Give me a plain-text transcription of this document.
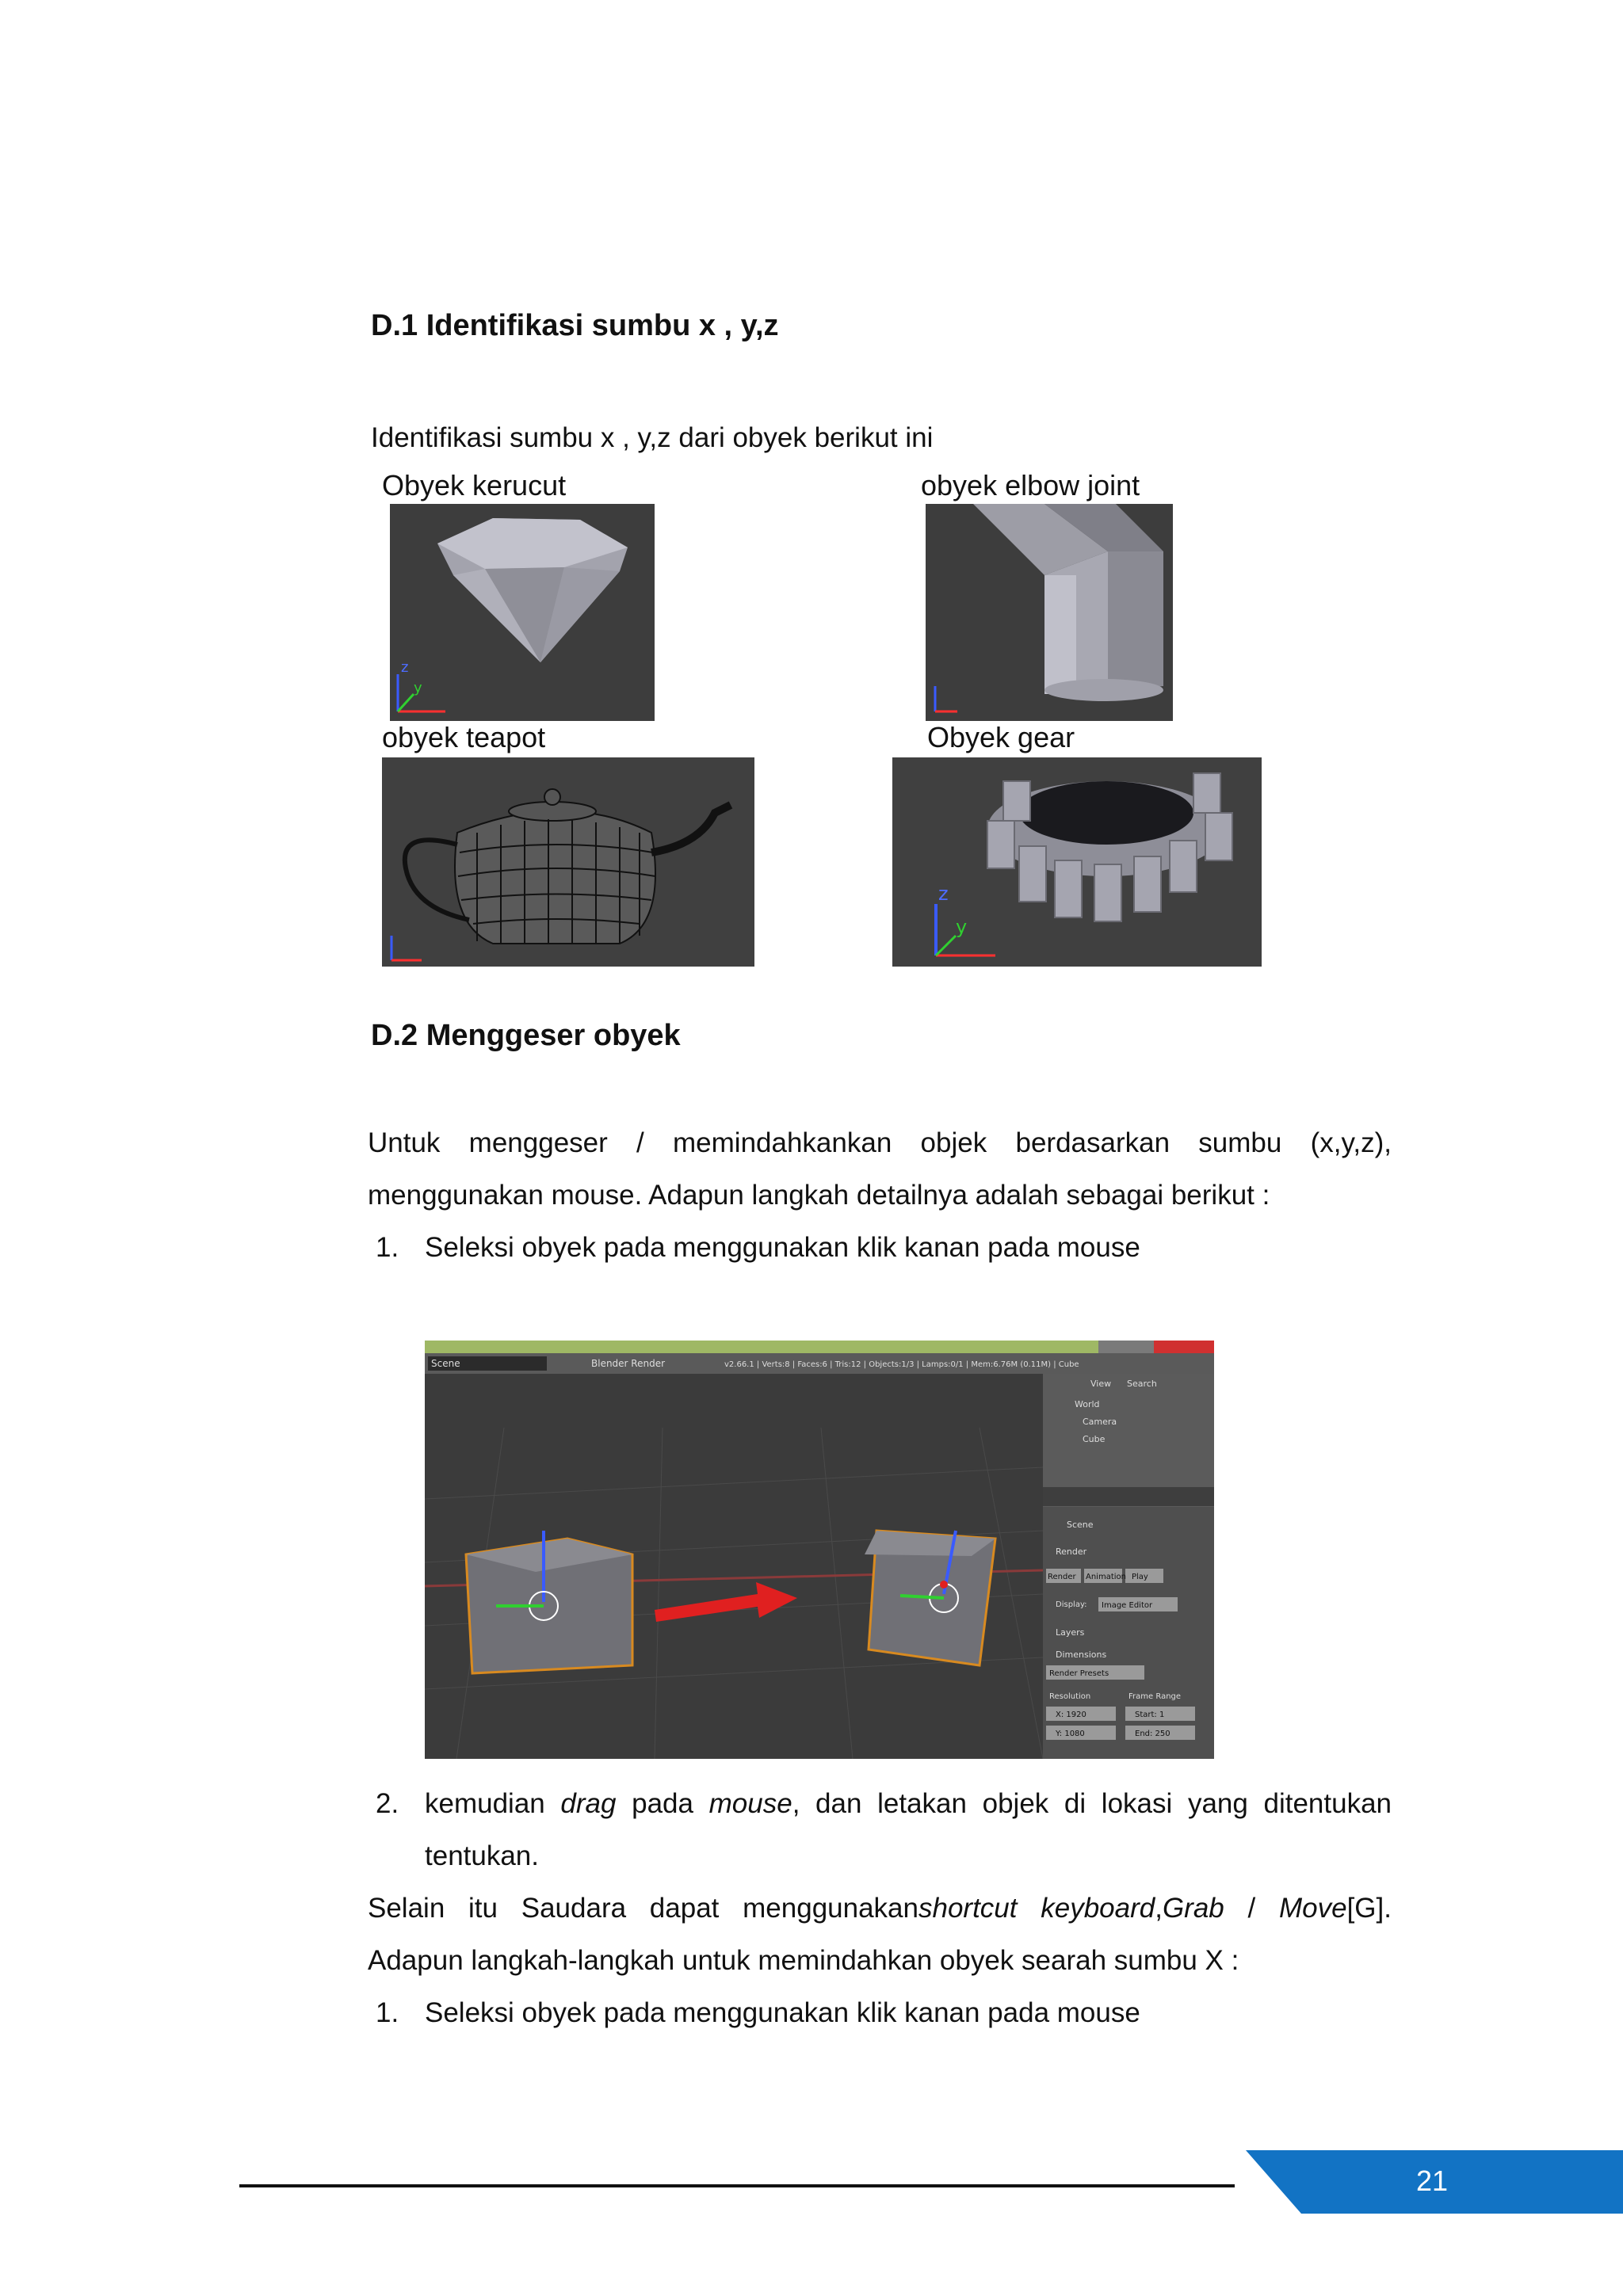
D.1 Identifikasi sumbu x , y,z
Identifikasi sumbu x , y,z dari obyek berikut ini
Obyek kerucut	obyek elbow joint
z
y
obyek teapot	Obyek gear
z
y
D.2 Menggeser obyek
Untuk menggeser / memindahkankan objek berdasarkan sumbu (x,y,z),
menggunakan mouse. Adapun langkah detailnya adalah sebagai berikut :
1. Seleksi obyek pada menggunakan klik kanan pada mouse
Scene	Blender Render	v2.66.1 | Verts:8 | Faces:6 | Tris:12 | Objects:1/3 | Lamps:0/1 | Mem:6.76M (0.11M) | Cube
View Search
World
Camera
Cube
Scene
Render
Render Animation Play
Display: Image Editor
Layers
Dimensions
Render Presets
Resolution	Frame Range
X: 1920	Start: 1
Y: 1080	End: 250
2. kemudian drag pada mouse, dan letakan objek di lokasi yang ditentukan
tentukan.
Selain itu Saudara dapat menggunakanshortcut keyboard,Grab / Move[G].
Adapun langkah-langkah untuk memindahkan obyek searah sumbu X :
1. Seleksi obyek pada menggunakan klik kanan pada mouse
21
